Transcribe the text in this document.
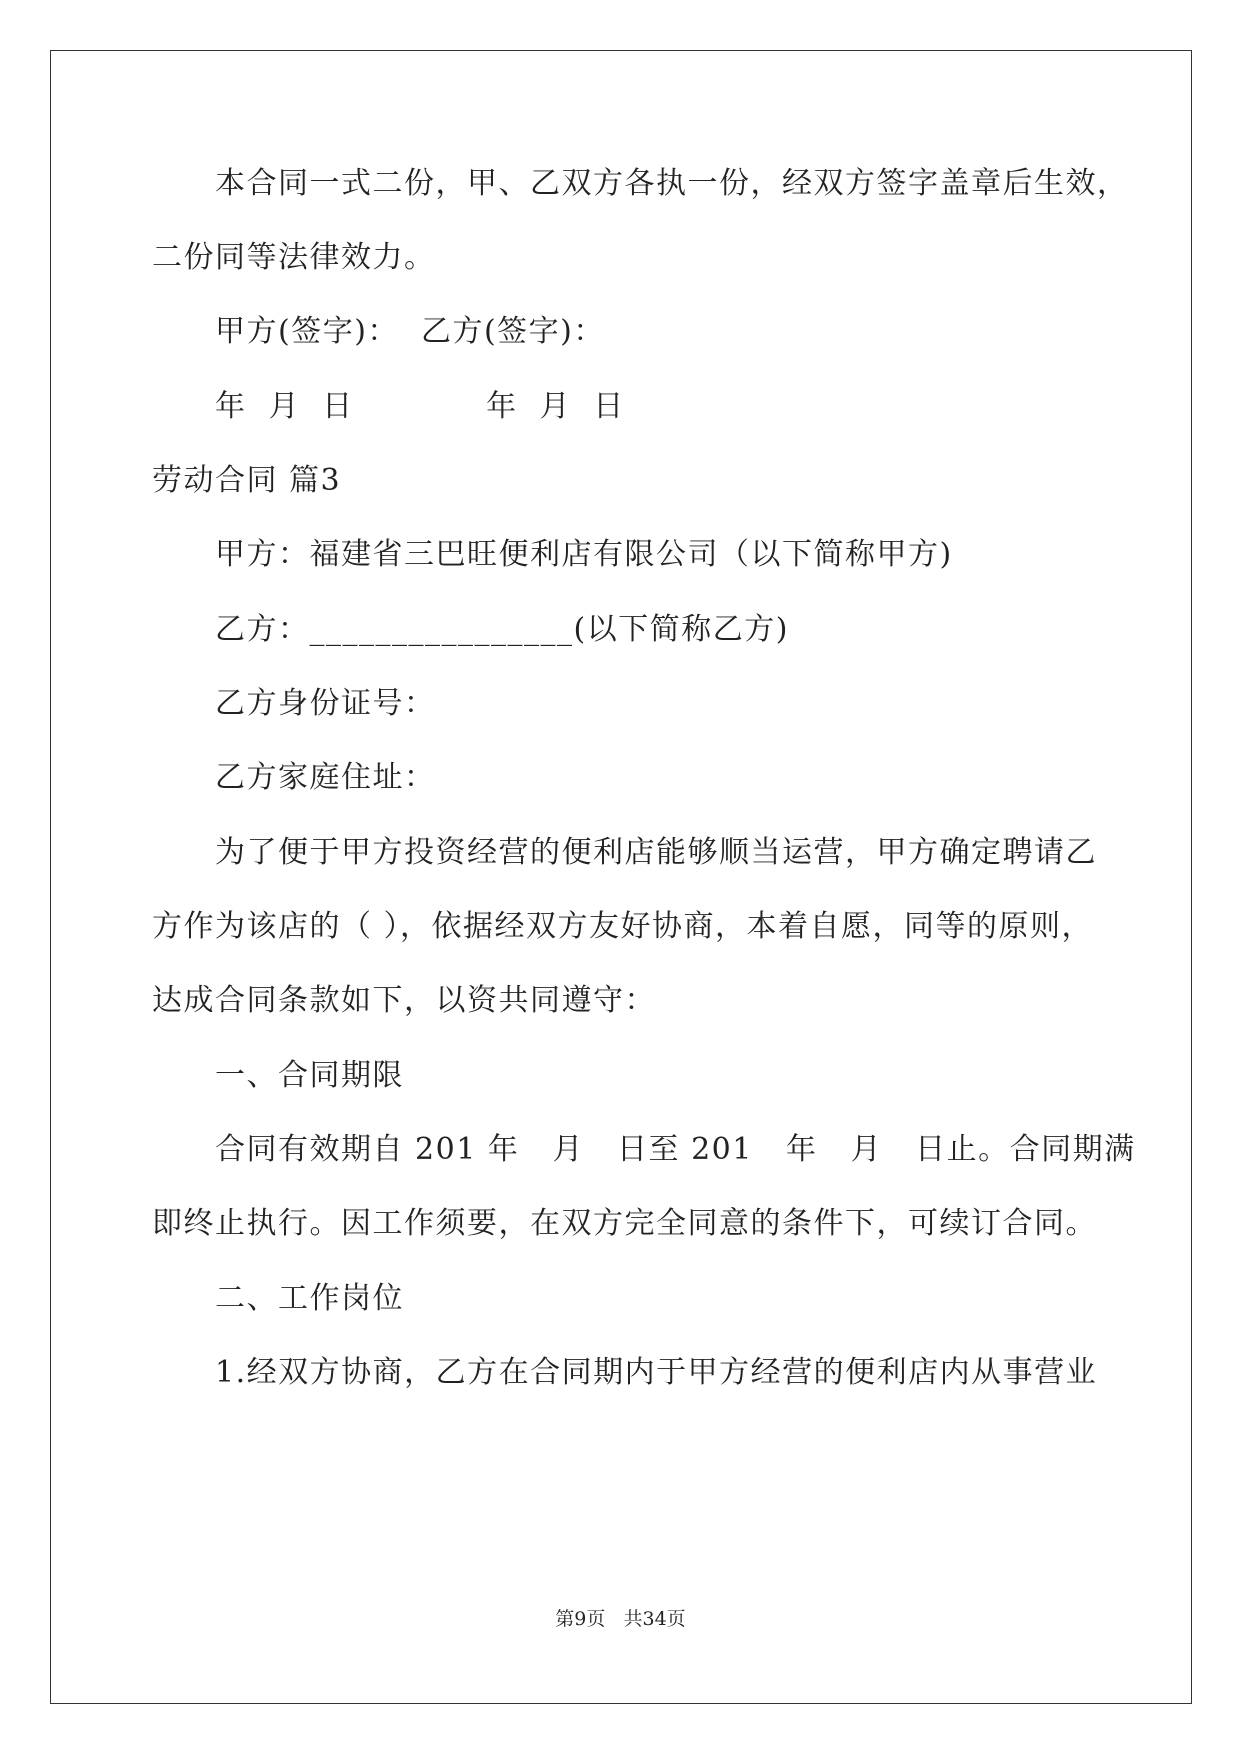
本合同一式二份，甲、乙双方各执一份，经双方签字盖章后生效，
二份同等法律效力。
甲方(签字)：  乙方(签字)：
年  月  日            年  月  日
劳动合同 篇3
甲方：福建省三巴旺便利店有限公司（以下简称甲方)
乙方：________________(以下简称乙方)
乙方身份证号：
乙方家庭住址：
为了便于甲方投资经营的便利店能够顺当运营，甲方确定聘请乙
方作为该店的（ ），依据经双方友好协商，本着自愿，同等的原则，
达成合同条款如下，以资共同遵守：
一、合同期限
合同有效期自 201 年   月   日至 201   年   月   日止。合同期满
即终止执行。因工作须要，在双方完全同意的条件下，可续订合同。
二、工作岗位
1.经双方协商，乙方在合同期内于甲方经营的便利店内从事营业
第9页   共34页
